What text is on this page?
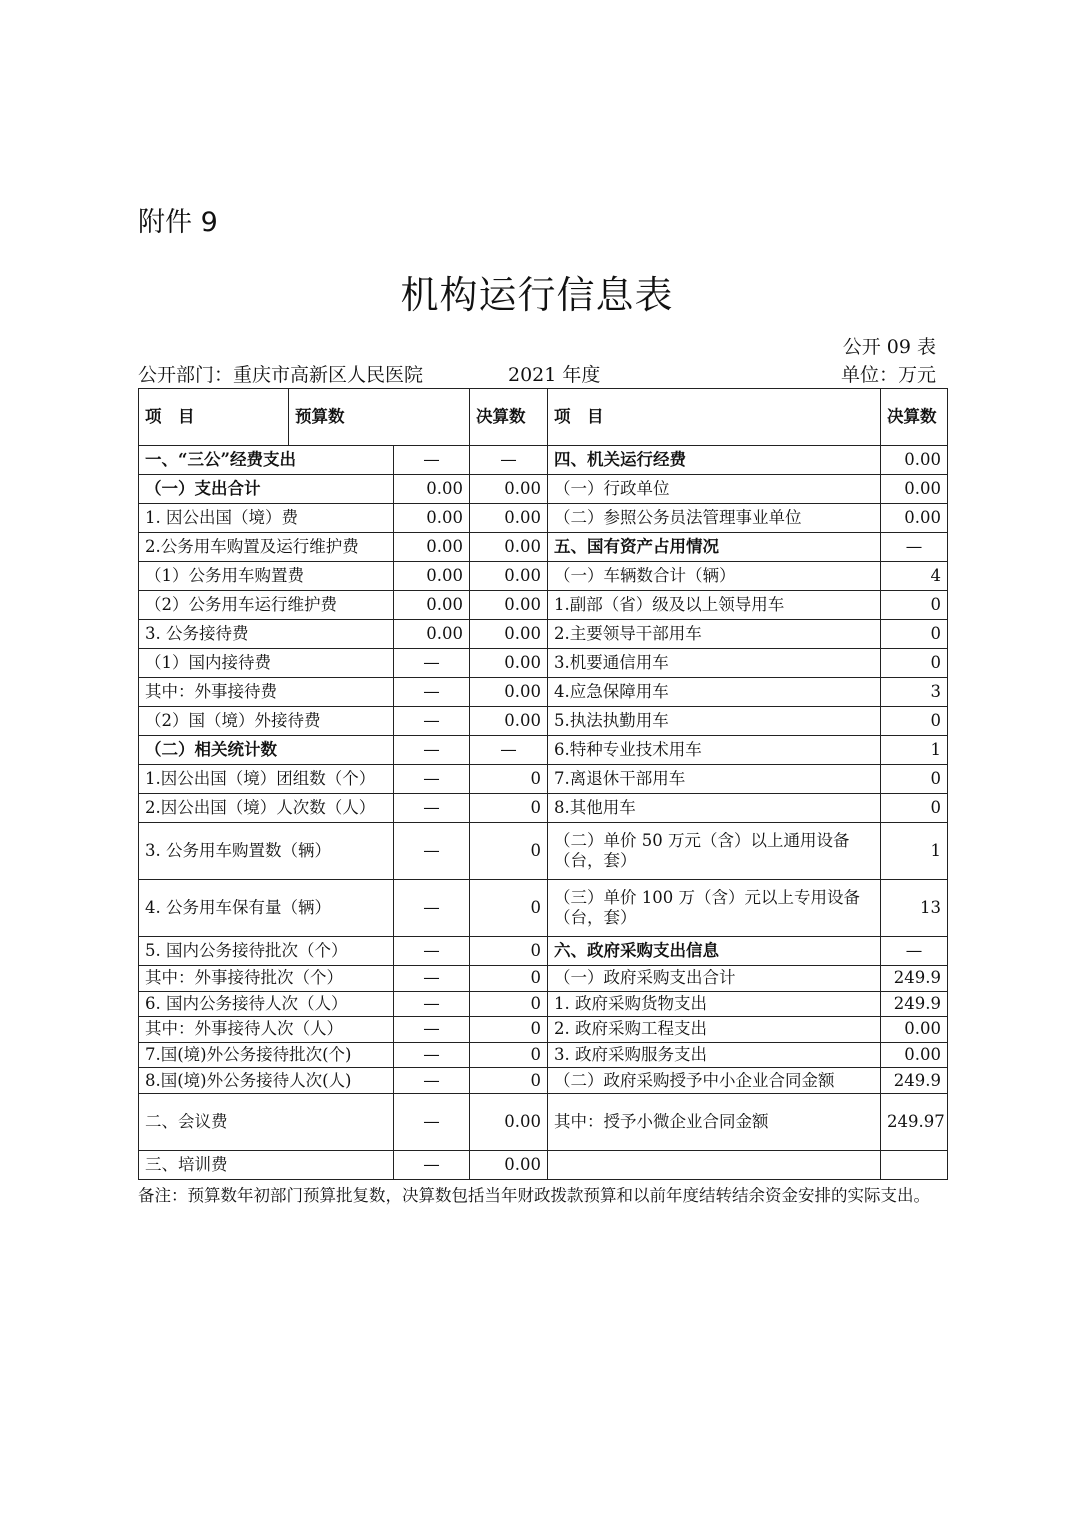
附件 9
机构运行信息表
公开 09 表
公开部门：重庆市高新区人民医院	2021 年度	单位：万元
项　目	预算数		决算数	项　目	决算数
一、“三公”经费支出		—	—	四、机关运行经费	0.00
（一）支出合计		0.00	0.00	（一）行政单位	0.00
1. 因公出国（境）费		0.00	0.00	（二）参照公务员法管理事业单位	0.00
2.公务用车购置及运行维护费		0.00	0.00	五、国有资产占用情况	—
（1）公务用车购置费		0.00	0.00	（一）车辆数合计（辆）	4
（2）公务用车运行维护费		0.00	0.00	1.副部（省）级及以上领导用车	0
3. 公务接待费		0.00	0.00	2.主要领导干部用车	0
（1）国内接待费		—	0.00	3.机要通信用车	0
其中：外事接待费		—	0.00	4.应急保障用车	3
（2）国（境）外接待费		—	0.00	5.执法执勤用车	0
（二）相关统计数		—	—	6.特种专业技术用车	1
1.因公出国（境）团组数（个）		—	0	7.离退休干部用车	0
2.因公出国（境）人次数（人）		—	0	8.其他用车	0
3. 公务用车购置数（辆）		—	0	（二）单价 50 万元（含）以上通用设备（台，套）	1
4. 公务用车保有量（辆）		—	0	（三）单价 100 万（含）元以上专用设备（台，套）	13
5. 国内公务接待批次（个）		—	0	六、政府采购支出信息	—
其中：外事接待批次（个）		—	0	（一）政府采购支出合计	249.9
6. 国内公务接待人次（人）		—	0	1. 政府采购货物支出	249.9
其中：外事接待人次（人）		—	0	2. 政府采购工程支出	0.00
7.国(境)外公务接待批次(个)		—	0	3. 政府采购服务支出	0.00
8.国(境)外公务接待人次(人)		—	0	（二）政府采购授予中小企业合同金额	249.9
二、会议费		—	0.00	其中：授予小微企业合同金额	249.97
三、培训费		—	0.00		
备注：预算数年初部门预算批复数，决算数包括当年财政拨款预算和以前年度结转结余资金安排的实际支出。
